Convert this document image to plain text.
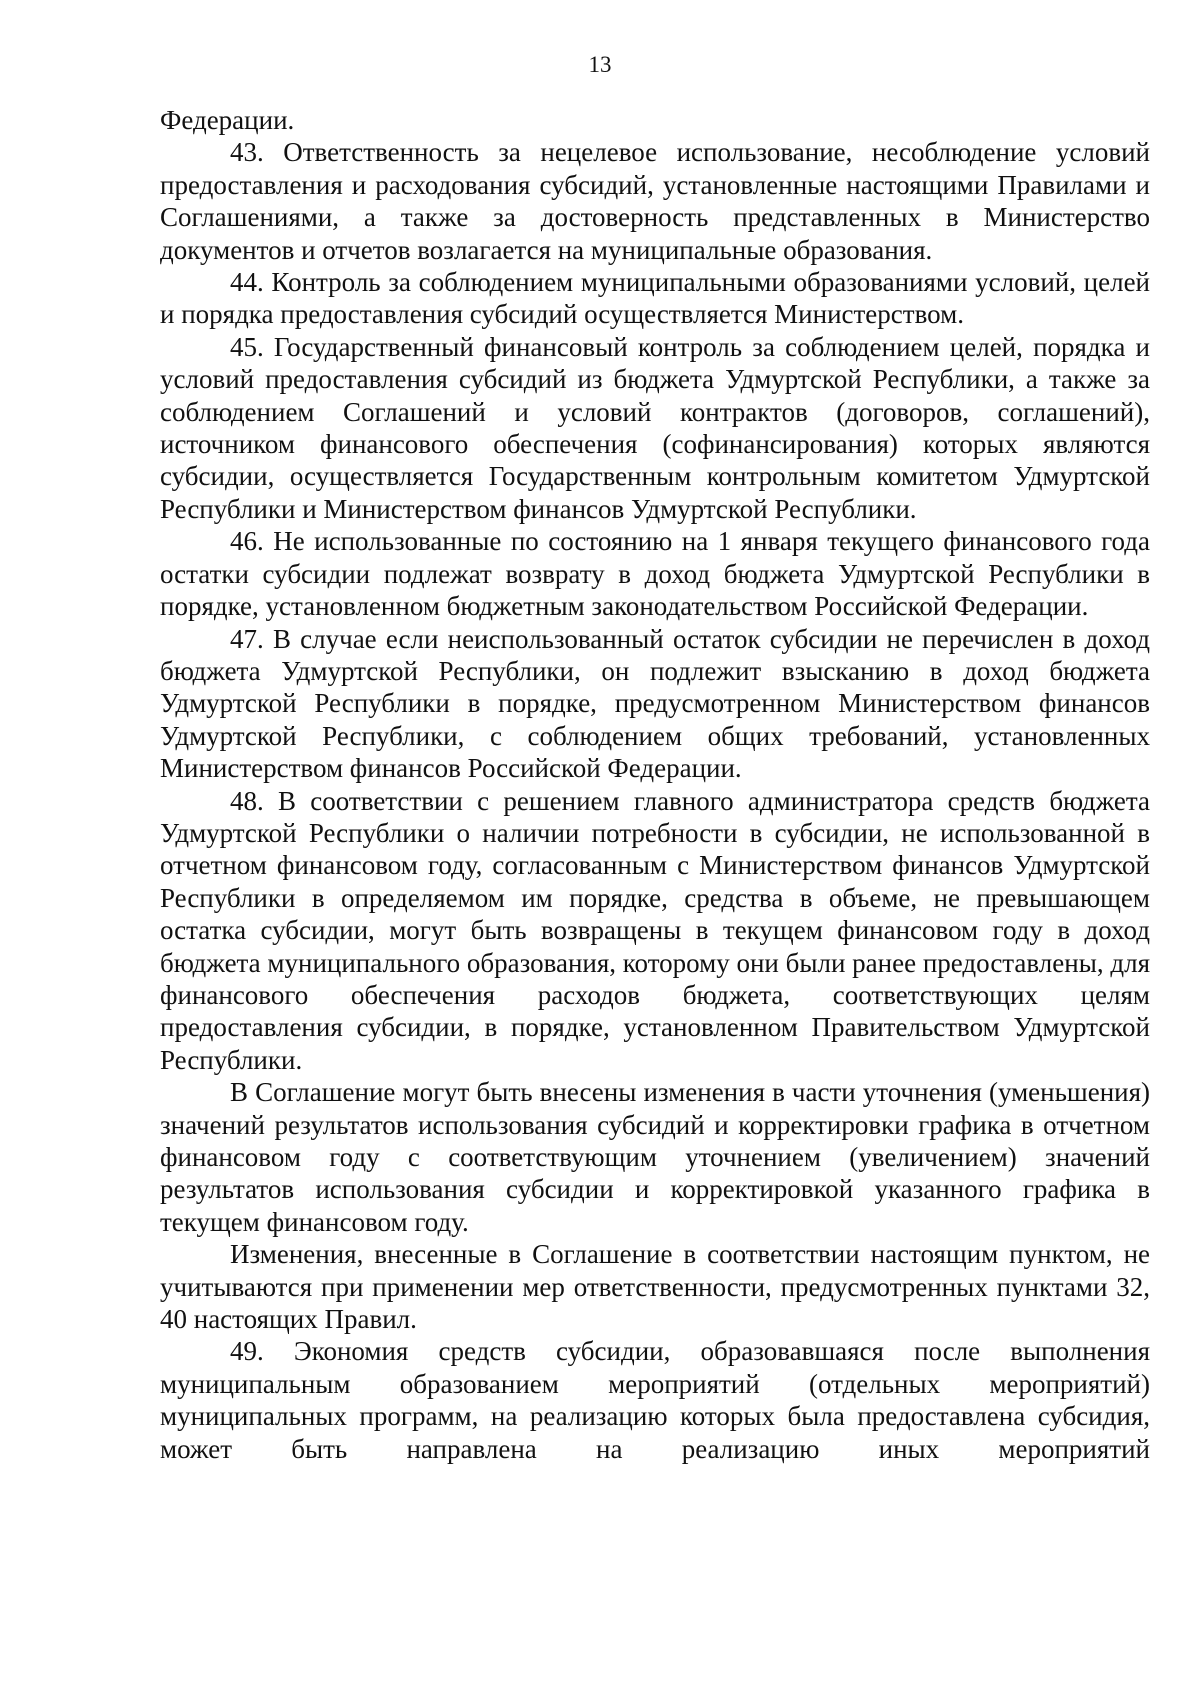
13

Федерации.

43. Ответственность за нецелевое использование, несоблюдение условий предоставления и расходования субсидий, установленные настоящими Правилами и Соглашениями, а также за достоверность представленных в Министерство документов и отчетов возлагается на муниципальные образования.

44. Контроль за соблюдением муниципальными образованиями условий, целей и порядка предоставления субсидий осуществляется Министерством.

45. Государственный финансовый контроль за соблюдением целей, порядка и условий предоставления субсидий из бюджета Удмуртской Республики, а также за соблюдением Соглашений и условий контрактов (договоров, соглашений), источником финансового обеспечения (софинансирования) которых являются субсидии, осуществляется Государственным контрольным комитетом Удмуртской Республики и Министерством финансов Удмуртской Республики.

46. Не использованные по состоянию на 1 января текущего финансового года остатки субсидии подлежат возврату в доход бюджета Удмуртской Республики в порядке, установленном бюджетным законодательством Российской Федерации.

47. В случае если неиспользованный остаток субсидии не перечислен в доход бюджета Удмуртской Республики, он подлежит взысканию в доход бюджета Удмуртской Республики в порядке, предусмотренном Министерством финансов Удмуртской Республики, с соблюдением общих требований, установленных Министерством финансов Российской Федерации.

48. В соответствии с решением главного администратора средств бюджета Удмуртской Республики о наличии потребности в субсидии, не использованной в отчетном финансовом году, согласованным с Министерством финансов Удмуртской Республики в определяемом им порядке, средства в объеме, не превышающем остатка субсидии, могут быть возвращены в текущем финансовом году в доход бюджета муниципального образования, которому они были ранее предоставлены, для финансового обеспечения расходов бюджета, соответствующих целям предоставления субсидии, в порядке, установленном Правительством Удмуртской Республики.

В Соглашение могут быть внесены изменения в части уточнения (уменьшения) значений результатов использования субсидий и корректировки графика в отчетном финансовом году с соответствующим уточнением (увеличением) значений результатов использования субсидии и корректировкой указанного графика в текущем финансовом году.

Изменения, внесенные в Соглашение в соответствии настоящим пунктом, не учитываются при применении мер ответственности, предусмотренных пунктами 32, 40 настоящих Правил.

49. Экономия средств субсидии, образовавшаяся после выполнения муниципальным образованием мероприятий (отдельных мероприятий) муниципальных программ, на реализацию которых была предоставлена субсидия, может быть направлена на реализацию иных мероприятий
